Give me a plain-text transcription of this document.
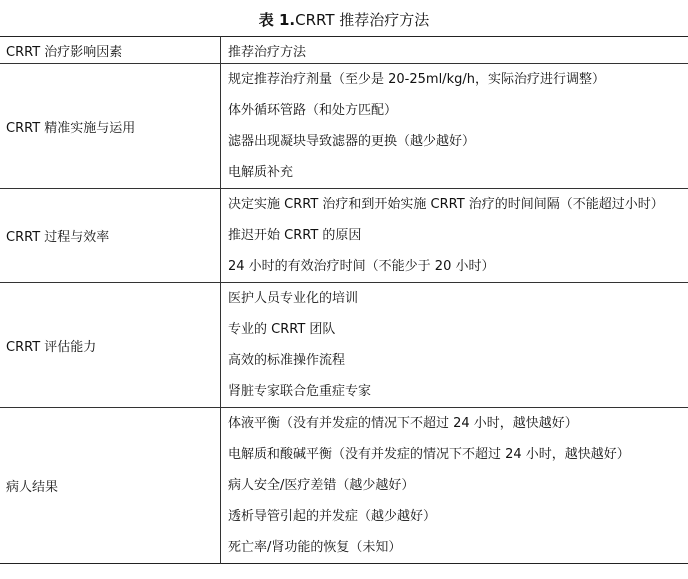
表 1.CRRT 推荐治疗方法
CRRT 治疗影响因素	推荐治疗方法
CRRT 精准实施与运用	规定推荐治疗剂量（至少是 20-25ml/kg/h，实际治疗进行调整）
体外循环管路（和处方匹配）
滤器出现凝块导致滤器的更换（越少越好）
电解质补充

CRRT 过程与效率	决定实施 CRRT 治疗和到开始实施 CRRT 治疗的时间间隔（不能超过小时）
推迟开始 CRRT 的原因
24 小时的有效治疗时间（不能少于 20 小时）

CRRT 评估能力	医护人员专业化的培训
专业的 CRRT 团队
高效的标准操作流程
肾脏专家联合危重症专家

病人结果	体液平衡（没有并发症的情况下不超过 24 小时，越快越好）
电解质和酸碱平衡（没有并发症的情况下不超过 24 小时，越快越好）
病人安全/医疗差错（越少越好）
透析导管引起的并发症（越少越好）
死亡率/肾功能的恢复（未知）
